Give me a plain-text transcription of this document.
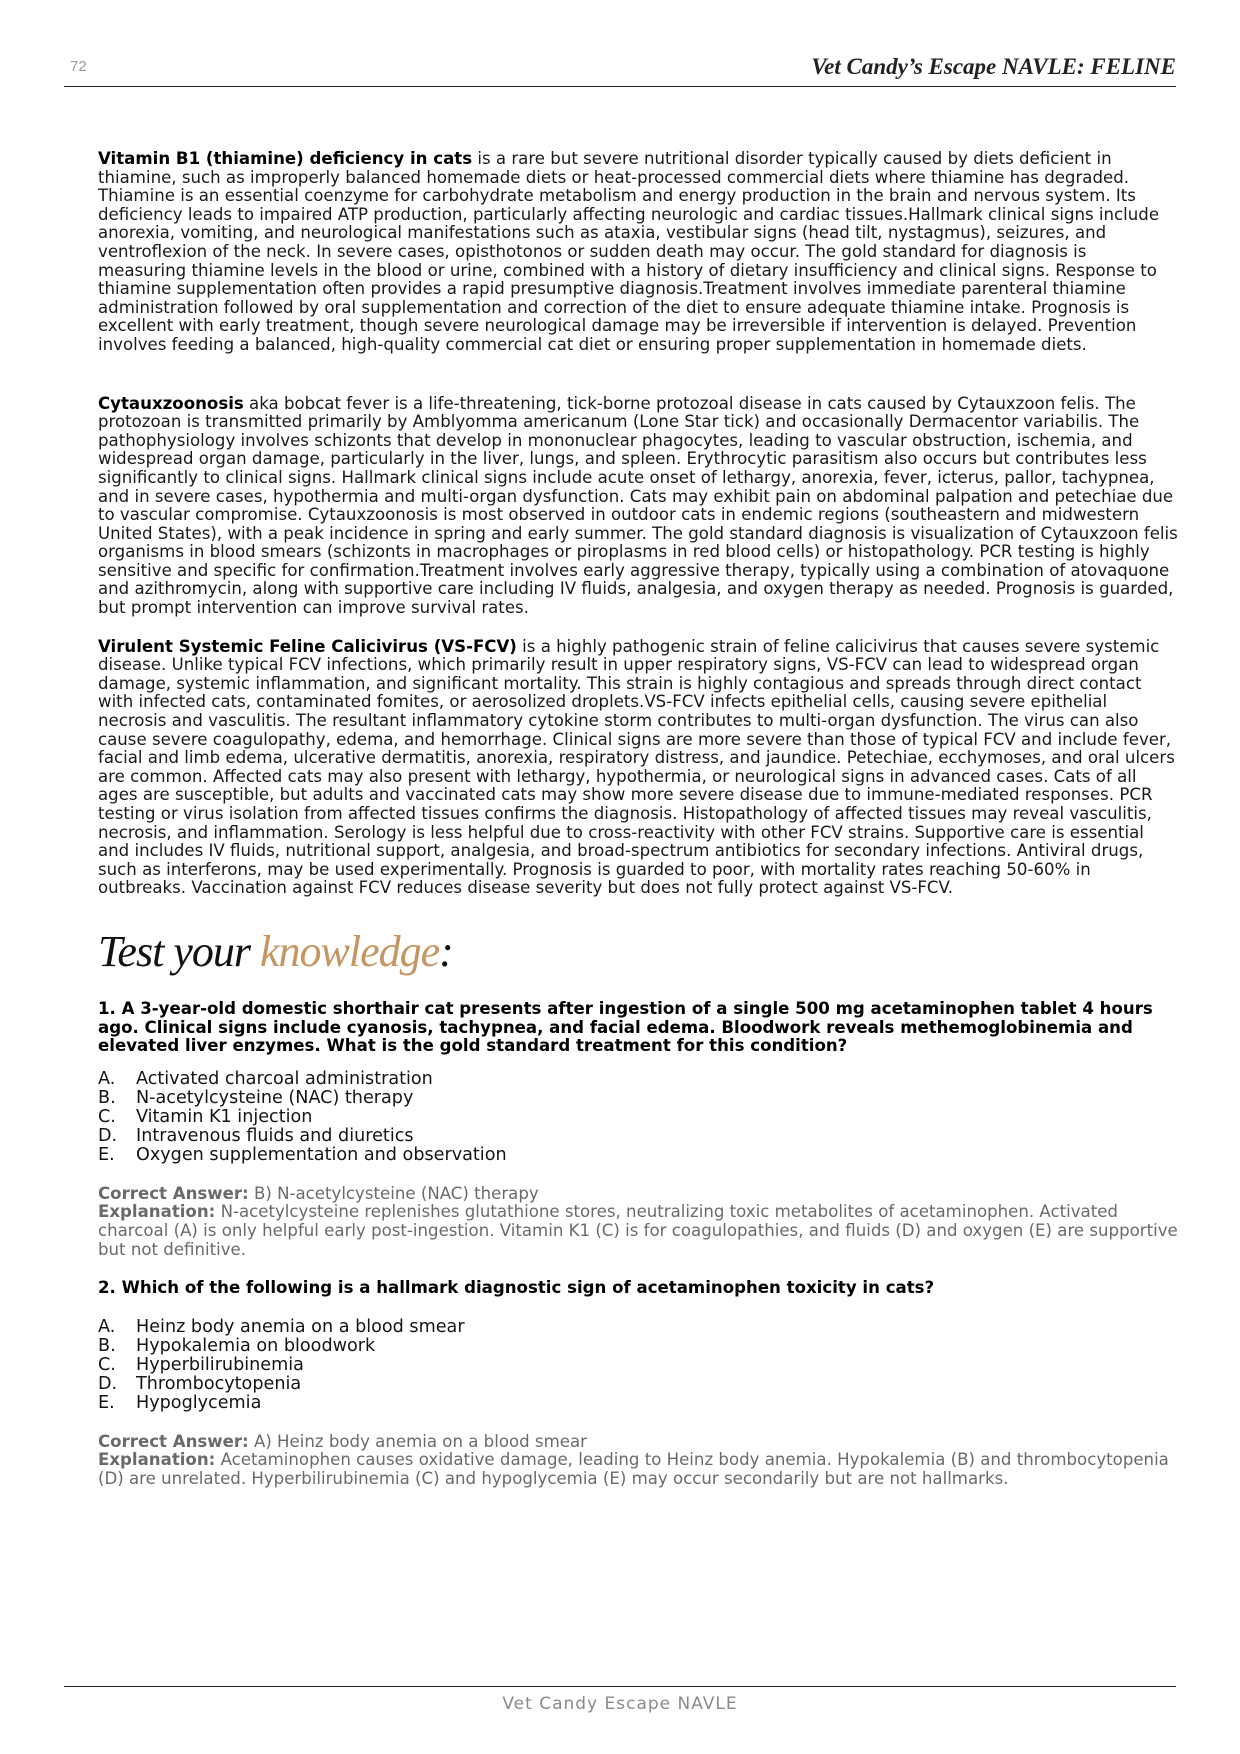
72	Vet Candy’s Escape NAVLE: FELINE

Vitamin B1 (thiamine) deficiency in cats is a rare but severe nutritional disorder typically caused by diets deficient in thiamine, such as improperly balanced homemade diets or heat-processed commercial diets where thiamine has degraded. Thiamine is an essential coenzyme for carbohydrate metabolism and energy production in the brain and nervous system. Its deficiency leads to impaired ATP production, particularly affecting neurologic and cardiac tissues.Hallmark clinical signs include anorexia, vomiting, and neurological manifestations such as ataxia, vestibular signs (head tilt, nystagmus), seizures, and ventroflexion of the neck. In severe cases, opisthotonos or sudden death may occur. The gold standard for diagnosis is measuring thiamine levels in the blood or urine, combined with a history of dietary insufficiency and clinical signs. Response to thiamine supplementation often provides a rapid presumptive diagnosis.Treatment involves immediate parenteral thiamine administration followed by oral supplementation and correction of the diet to ensure adequate thiamine intake. Prognosis is excellent with early treatment, though severe neurological damage may be irreversible if intervention is delayed. Prevention involves feeding a balanced, high-quality commercial cat diet or ensuring proper supplementation in homemade diets.

Cytauxzoonosis aka bobcat fever is a life-threatening, tick-borne protozoal disease in cats caused by Cytauxzoon felis. The protozoan is transmitted primarily by Amblyomma americanum (Lone Star tick) and occasionally Dermacentor variabilis. The pathophysiology involves schizonts that develop in mononuclear phagocytes, leading to vascular obstruction, ischemia, and widespread organ damage, particularly in the liver, lungs, and spleen. Erythrocytic parasitism also occurs but contributes less significantly to clinical signs. Hallmark clinical signs include acute onset of lethargy, anorexia, fever, icterus, pallor, tachypnea, and in severe cases, hypothermia and multi-organ dysfunction. Cats may exhibit pain on abdominal palpation and petechiae due to vascular compromise. Cytauxzoonosis is most observed in outdoor cats in endemic regions (southeastern and midwestern United States), with a peak incidence in spring and early summer. The gold standard diagnosis is visualization of Cytauxzoon felis organisms in blood smears (schizonts in macrophages or piroplasms in red blood cells) or histopathology. PCR testing is highly sensitive and specific for confirmation.Treatment involves early aggressive therapy, typically using a combination of atovaquone and azithromycin, along with supportive care including IV fluids, analgesia, and oxygen therapy as needed. Prognosis is guarded, but prompt intervention can improve survival rates.

Virulent Systemic Feline Calicivirus (VS-FCV) is a highly pathogenic strain of feline calicivirus that causes severe systemic disease. Unlike typical FCV infections, which primarily result in upper respiratory signs, VS-FCV can lead to widespread organ damage, systemic inflammation, and significant mortality. This strain is highly contagious and spreads through direct contact with infected cats, contaminated fomites, or aerosolized droplets.VS-FCV infects epithelial cells, causing severe epithelial necrosis and vasculitis. The resultant inflammatory cytokine storm contributes to multi-organ dysfunction. The virus can also cause severe coagulopathy, edema, and hemorrhage. Clinical signs are more severe than those of typical FCV and include fever, facial and limb edema, ulcerative dermatitis, anorexia, respiratory distress, and jaundice. Petechiae, ecchymoses, and oral ulcers are common. Affected cats may also present with lethargy, hypothermia, or neurological signs in advanced cases. Cats of all ages are susceptible, but adults and vaccinated cats may show more severe disease due to immune-mediated responses. PCR testing or virus isolation from affected tissues confirms the diagnosis. Histopathology of affected tissues may reveal vasculitis, necrosis, and inflammation. Serology is less helpful due to cross-reactivity with other FCV strains. Supportive care is essential and includes IV fluids, nutritional support, analgesia, and broad-spectrum antibiotics for secondary infections. Antiviral drugs, such as interferons, may be used experimentally. Prognosis is guarded to poor, with mortality rates reaching 50-60% in outbreaks. Vaccination against FCV reduces disease severity but does not fully protect against VS-FCV.

Test your knowledge:

1. A 3-year-old domestic shorthair cat presents after ingestion of a single 500 mg acetaminophen tablet 4 hours ago. Clinical signs include cyanosis, tachypnea, and facial edema. Bloodwork reveals methemoglobinemia and elevated liver enzymes. What is the gold standard treatment for this condition?

A.	Activated charcoal administration
B.	N-acetylcysteine (NAC) therapy
C.	Vitamin K1 injection
D.	Intravenous fluids and diuretics
E.	Oxygen supplementation and observation

Correct Answer: B) N-acetylcysteine (NAC) therapy

Explanation: N-acetylcysteine replenishes glutathione stores, neutralizing toxic metabolites of acetaminophen. Activated charcoal (A) is only helpful early post-ingestion. Vitamin K1 (C) is for coagulopathies, and fluids (D) and oxygen (E) are supportive but not definitive.

2. Which of the following is a hallmark diagnostic sign of acetaminophen toxicity in cats?

A.	Heinz body anemia on a blood smear
B.	Hypokalemia on bloodwork
C.	Hyperbilirubinemia
D.	Thrombocytopenia
E.	Hypoglycemia

Correct Answer: A) Heinz body anemia on a blood smear

Explanation: Acetaminophen causes oxidative damage, leading to Heinz body anemia. Hypokalemia (B) and thrombocytopenia (D) are unrelated. Hyperbilirubinemia (C) and hypoglycemia (E) may occur secondarily but are not hallmarks.

Vet Candy Escape NAVLE
